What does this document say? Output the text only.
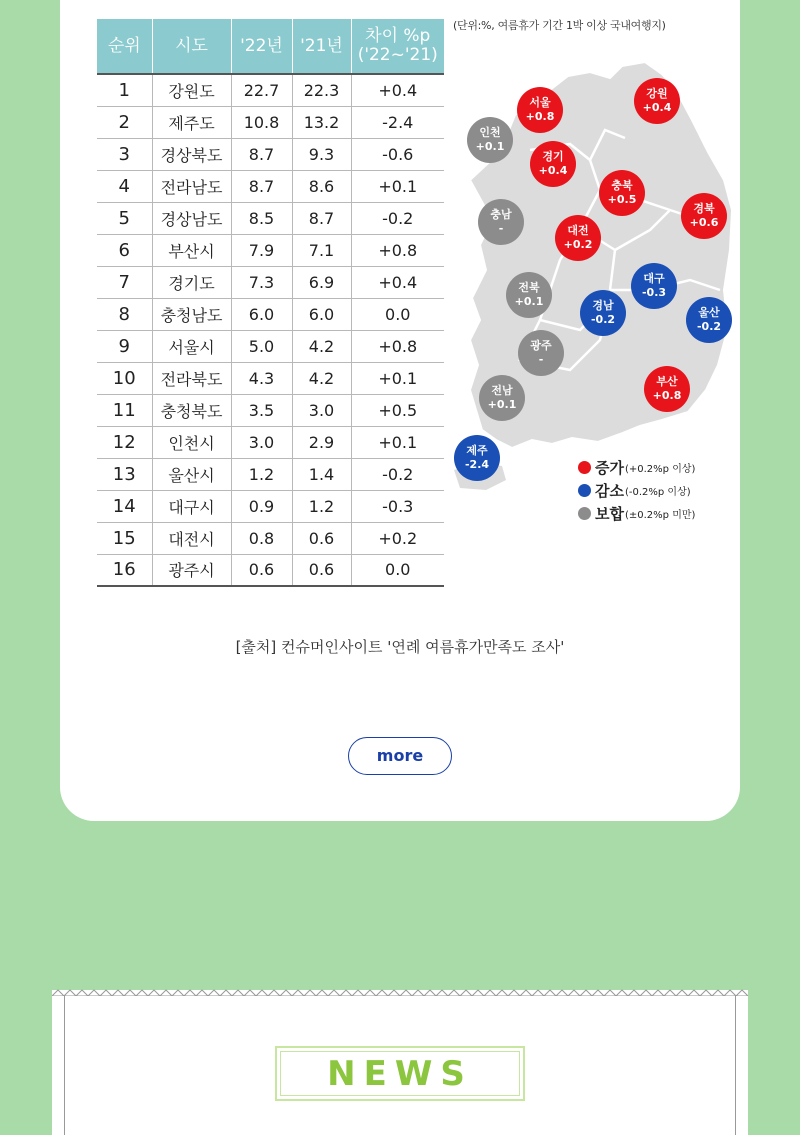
순위	시도	'22년	'21년	차이 %p
('22~'21)
1	강원도	22.7	22.3	+0.4
2	제주도	10.8	13.2	-2.4
3	경상북도	8.7	9.3	-0.6
4	전라남도	8.7	8.6	+0.1
5	경상남도	8.5	8.7	-0.2
6	부산시	7.9	7.1	+0.8
7	경기도	7.3	6.9	+0.4
8	충청남도	6.0	6.0	0.0
9	서울시	5.0	4.2	+0.8
10	전라북도	4.3	4.2	+0.1
11	충청북도	3.5	3.0	+0.5
12	인천시	3.0	2.9	+0.1
13	울산시	1.2	1.4	-0.2
14	대구시	0.9	1.2	-0.3
15	대전시	0.8	0.6	+0.2
16	광주시	0.6	0.6	0.0
(단위:%, 여름휴가 기간 1박 이상 국내여행지)
서울
+0.8
강원
+0.4
인천
+0.1
경기
+0.4
충북
+0.5
경북
+0.6
충남
-	대전
+0.2
대구
-0.3
전북
+0.1	경남
-0.2
울산
-0.2
광주
-
부산
+0.8
전남
+0.1
제주
-2.4	증가 (+0.2%p 이상)
감소 (-0.2%p 이상)
보합 (±0.2%p 미만)
[출처] 컨슈머인사이트 '연례 여름휴가만족도 조사'
more
NEWS
